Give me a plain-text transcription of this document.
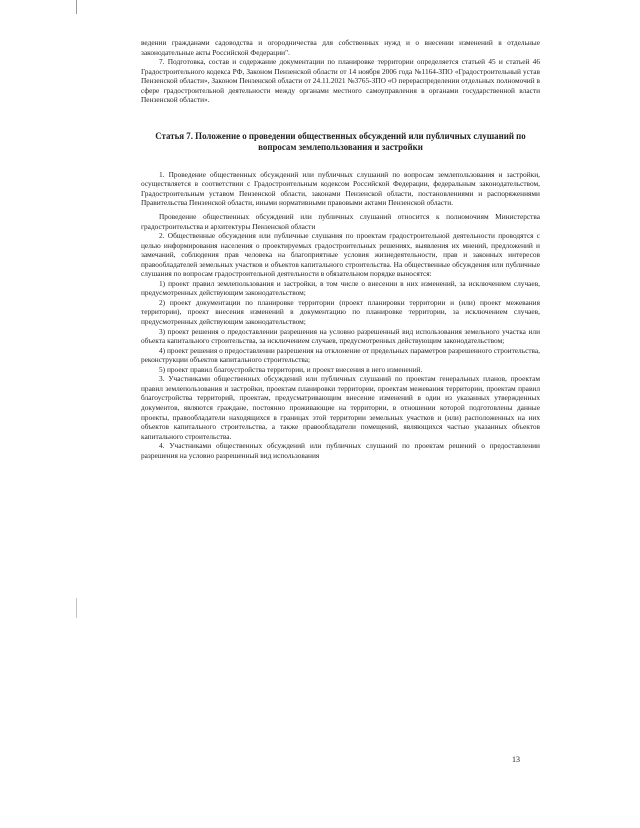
ведении гражданами садоводства и огородничества для собственных нужд и о внесении изменений в отдельные законодательные акты Российской Федерации".

7. Подготовка, состав и содержание документации по планировке территории определяется статьей 45 и статьей 46 Градостроительного кодекса РФ, Законом Пензенской области от 14 ноября 2006 года №1164-ЗПО «Градостроительный устав Пензенской области», Законом Пензенской области от 24.11.2021 №3765-ЗПО «О перераспределении отдельных полномочий в сфере градостроительной деятельности между органами местного самоуправления в органами государственной власти Пензенской области».

Статья 7. Положение о проведении общественных обсуждений или публичных слушаний по вопросам землепользования и застройки

1. Проведение общественных обсуждений или публичных слушаний по вопросам землепользования и застройки, осуществляется в соответствии с Градостроительным кодексом Российской Федерации, федеральным законодательством, Градостроительным уставом Пензенской области, законами Пензенской области, постановлениями и распоряжениями Правительства Пензенской области, иными нормативными правовыми актами Пензенской области.

Проведение общественных обсуждений или публичных слушаний относится к полномочиям Министерства градостроительства и архитектуры Пензенской области

2. Общественные обсуждения или публичные слушания по проектам градостроительной деятельности проводятся с целью информирования населения о проектируемых градостроительных решениях, выявления их мнений, предложений и замечаний, соблюдения прав человека на благоприятные условия жизнедеятельности, прав и законных интересов правообладателей земельных участков и объектов капитального строительства. На общественные обсуждения или публичные слушания по вопросам градостроительной деятельности в обязательном порядке выносятся:

1) проект правил землепользования и застройки, в том числе о внесении в них изменений, за исключением случаев, предусмотренных действующим законодательством;

2) проект документации по планировке территории (проект планировки территории и (или) проект межевания территории), проект внесения изменений в документацию по планировке территории, за исключением случаев, предусмотренных действующим законодательством;

3) проект решения о предоставлении разрешения на условно разрешенный вид использования земельного участка или объекта капитального строительства, за исключением случаев, предусмотренных действующим законодательством;

4) проект решения о предоставлении разрешения на отклонение от предельных параметров разрешенного строительства, реконструкции объектов капитального строительства;

5) проект правил благоустройства территории, и проект внесения в него изменений.

3. Участниками общественных обсуждений или публичных слушаний по проектам генеральных планов, проектам правил землепользования и застройки, проектам планировки территории, проектам межевания территории, проектам правил благоустройства территорий, проектам, предусматривающим внесение изменений в один из указанных утвержденных документов, являются граждане, постоянно проживающие на территории, в отношении которой подготовлены данные проекты, правообладатели находящихся в границах этой территории земельных участков и (или) расположенных на них объектов капитального строительства, а также правообладатели помещений, являющихся частью указанных объектов капитального строительства.

4. Участниками общественных обсуждений или публичных слушаний по проектам решений о предоставлении разрешения на условно разрешенный вид использования

13
